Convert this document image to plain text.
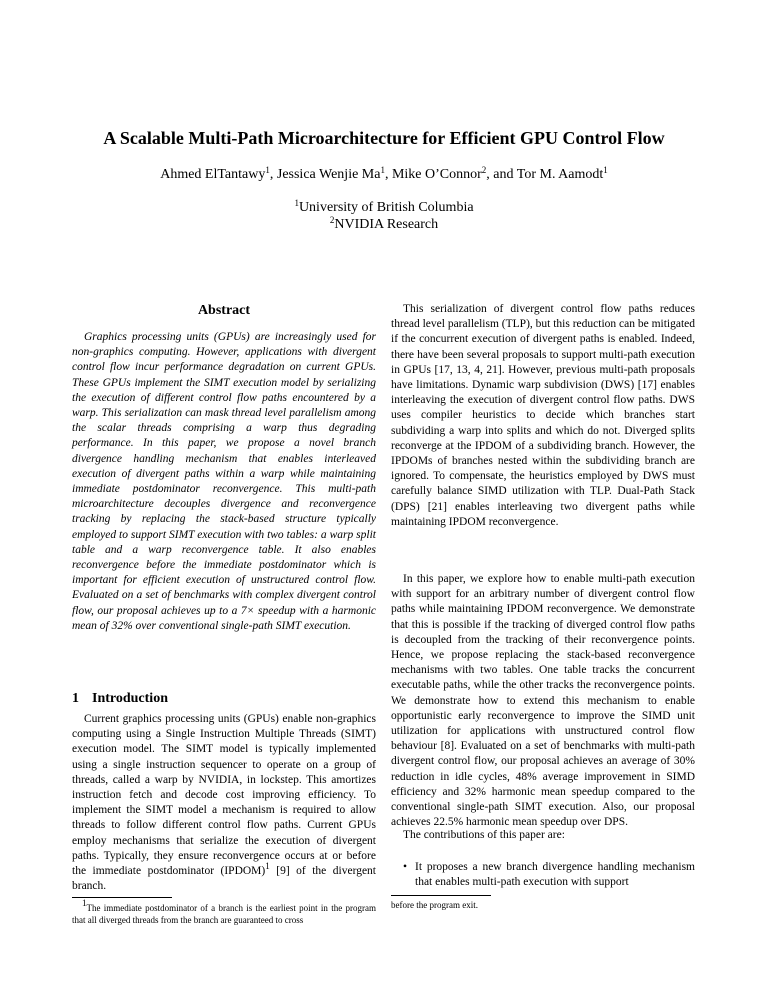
A Scalable Multi-Path Microarchitecture for Efficient GPU Control Flow
Ahmed ElTantawy$^1$, Jessica Wenjie Ma$^1$, Mike O’Connor$^2$, and Tor M. Aamodt$^1$
$^1$University of British Columbia
$^2$NVIDIA Research
Abstract
Graphics processing units (GPUs) are increasingly used for non-graphics computing. However, applications with divergent control flow incur performance degradation on current GPUs. These GPUs implement the SIMT execution model by serializing the execution of different control flow paths encountered by a warp. This serialization can mask thread level parallelism among the scalar threads comprising a warp thus degrading performance. In this paper, we propose a novel branch divergence handling mechanism that enables interleaved execution of divergent paths within a warp while maintaining immediate postdominator reconvergence. This multi-path microarchitecture decouples divergence and reconvergence tracking by replacing the stack-based structure typically employed to support SIMT execution with two tables: a warp split table and a warp reconvergence table. It also enables reconvergence before the immediate postdominator which is important for efficient execution of unstructured control flow. Evaluated on a set of benchmarks with complex divergent control flow, our proposal achieves up to a 7× speedup with a harmonic mean of 32% over conventional single-path SIMT execution.
1 Introduction
Current graphics processing units (GPUs) enable non-graphics computing using a Single Instruction Multiple Threads (SIMT) execution model. The SIMT model is typically implemented using a single instruction sequencer to operate on a group of threads, called a warp by NVIDIA, in lockstep. This amortizes instruction fetch and decode cost improving efficiency. To implement the SIMT model a mechanism is required to allow threads to follow different control flow paths. Current GPUs employ mechanisms that serialize the execution of divergent paths. Typically, they ensure reconvergence occurs at or before the immediate postdominator (IPDOM)$^1$ [9] of the divergent branch.
$^1$The immediate postdominator of a branch is the earliest point in the program that all diverged threads from the branch are guaranteed to cross
This serialization of divergent control flow paths reduces thread level parallelism (TLP), but this reduction can be mitigated if the concurrent execution of divergent paths is enabled. Indeed, there have been several proposals to support multi-path execution in GPUs [17, 13, 4, 21]. However, previous multi-path proposals have limitations. Dynamic warp subdivision (DWS) [17] enables interleaving the execution of divergent control flow paths. DWS uses compiler heuristics to decide which branches start subdividing a warp into splits and which do not. Diverged splits reconverge at the IPDOM of a subdividing branch. However, the IPDOMs of branches nested within the subdividing branch are ignored. To compensate, the heuristics employed by DWS must carefully balance SIMD utilization with TLP. Dual-Path Stack (DPS) [21] enables interleaving two divergent paths while maintaining IPDOM reconvergence.
In this paper, we explore how to enable multi-path execution with support for an arbitrary number of divergent control flow paths while maintaining IPDOM reconvergence. We demonstrate that this is possible if the tracking of diverged control flow paths is decoupled from the tracking of their reconvergence points. Hence, we propose replacing the stack-based reconvergence mechanisms with two tables. One table tracks the concurrent executable paths, while the other tracks the reconvergence points. We demonstrate how to extend this mechanism to enable opportunistic early reconvergence to improve the SIMD unit utilization for applications with unstructured control flow behaviour [8]. Evaluated on a set of benchmarks with multi-path divergent control flow, our proposal achieves an average of 30% reduction in idle cycles, 48% average improvement in SIMD efficiency and 32% harmonic mean speedup compared to the conventional single-path SIMT execution. Also, our proposal achieves 22.5% harmonic mean speedup over DPS.
The contributions of this paper are:
• It proposes a new branch divergence handling mechanism that enables multi-path execution with support
before the program exit.
